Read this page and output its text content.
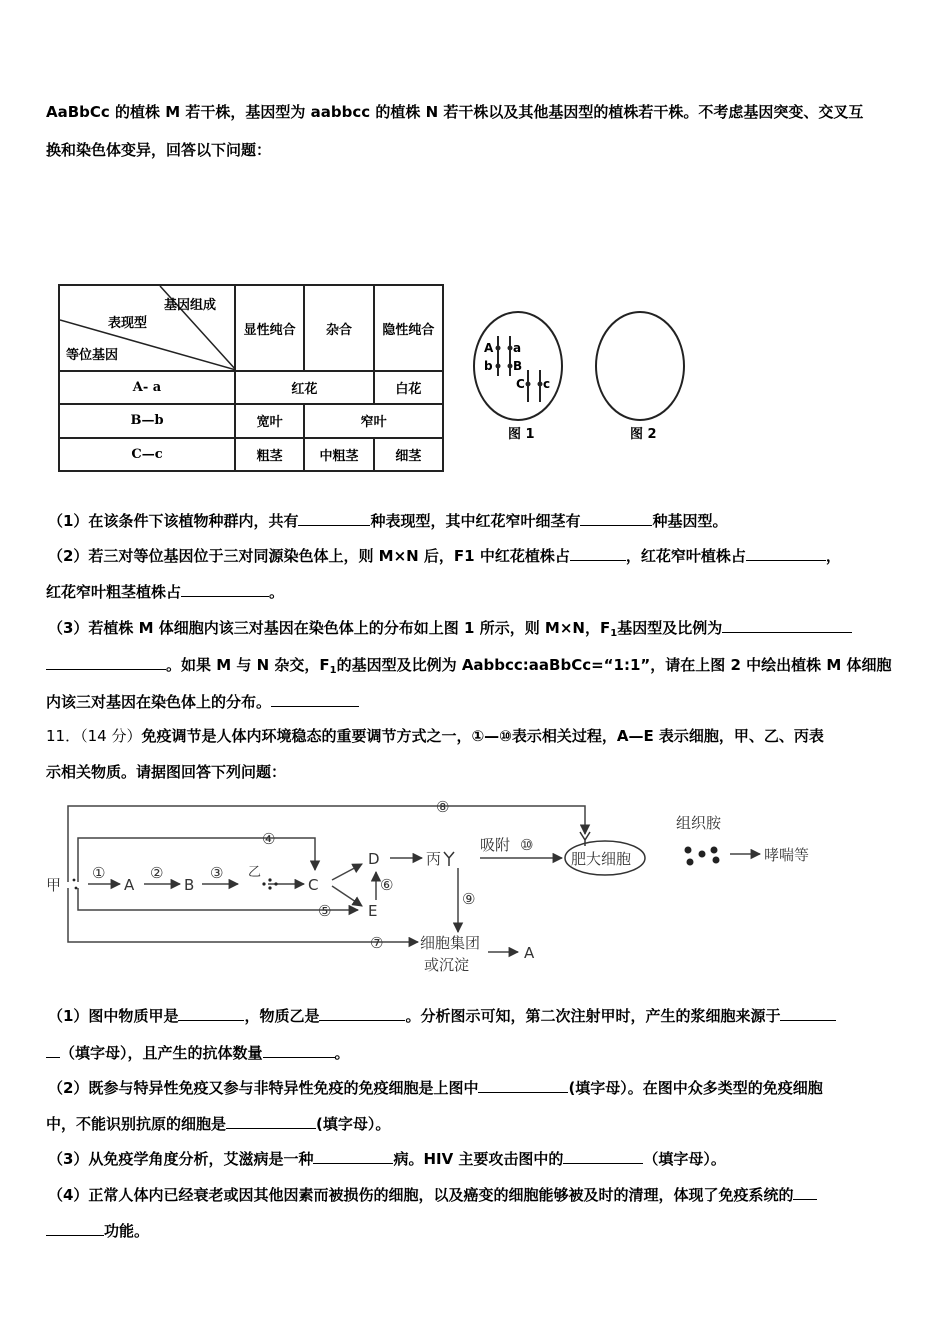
AaBbCc 的植株 M 若干株，基因型为 aabbcc 的植株 N 若干株以及其他基因型的植株若干株。不考虑基因突变、交叉互
换和染色体变异，回答以下问题：
基因组成
表现型
等位基因	显性纯合	杂合	隐性纯合
A- a	红花		白花
B—b	宽叶	窄叶	
C—c	粗茎	中粗茎	细茎
A a
b B
C c
图 1	图 2
（1）在该条件下该植物种群内，共有	种表现型，其中红花窄叶细茎有	种基因型。
（2）若三对等位基因位于三对同源染色体上，则 M×N 后，F1 中红花植株占	，红花窄叶植株占	，
红花窄叶粗茎植株占	。
（3）若植株 M 体细胞内该三对基因在染色体上的分布如上图 1 所示，则 M×N，$F_1$基因型及比例为
。如果 M 与 N 杂交，$F_1$的基因型及比例为 Aabbcc:aaBbCc=“1:1”，请在上图 2 中绘出植株 M 体细胞
内该三对基因在染色体上的分布。
11．（14 分）免疫调节是人体内环境稳态的重要调节方式之一，①—⑩表示相关过程，A—E 表示细胞，甲、乙、丙表
示相关物质。请据图回答下列问题：
甲	A	B
乙
C
D
E
丙
吸附
肥大细胞
组织胺
哮喘等
细胞集团
或沉淀
A
①	②	③
④
⑤
⑥
⑦
⑧
⑨
⑩
（1）图中物质甲是	，物质乙是	。分析图示可知，第二次注射甲时，产生的浆细胞来源于
（填字母），且产生的抗体数量	。
（2）既参与特异性免疫又参与非特异性免疫的免疫细胞是上图中	(填字母）。在图中众多类型的免疫细胞
中，不能识别抗原的细胞是	(填字母）。
（3）从免疫学角度分析，艾滋病是一种	病。HIV 主要攻击图中的	（填字母）。
（4）正常人体内已经衰老或因其他因素而被损伤的细胞，以及癌变的细胞能够被及时的清理，体现了免疫系统的
功能。
